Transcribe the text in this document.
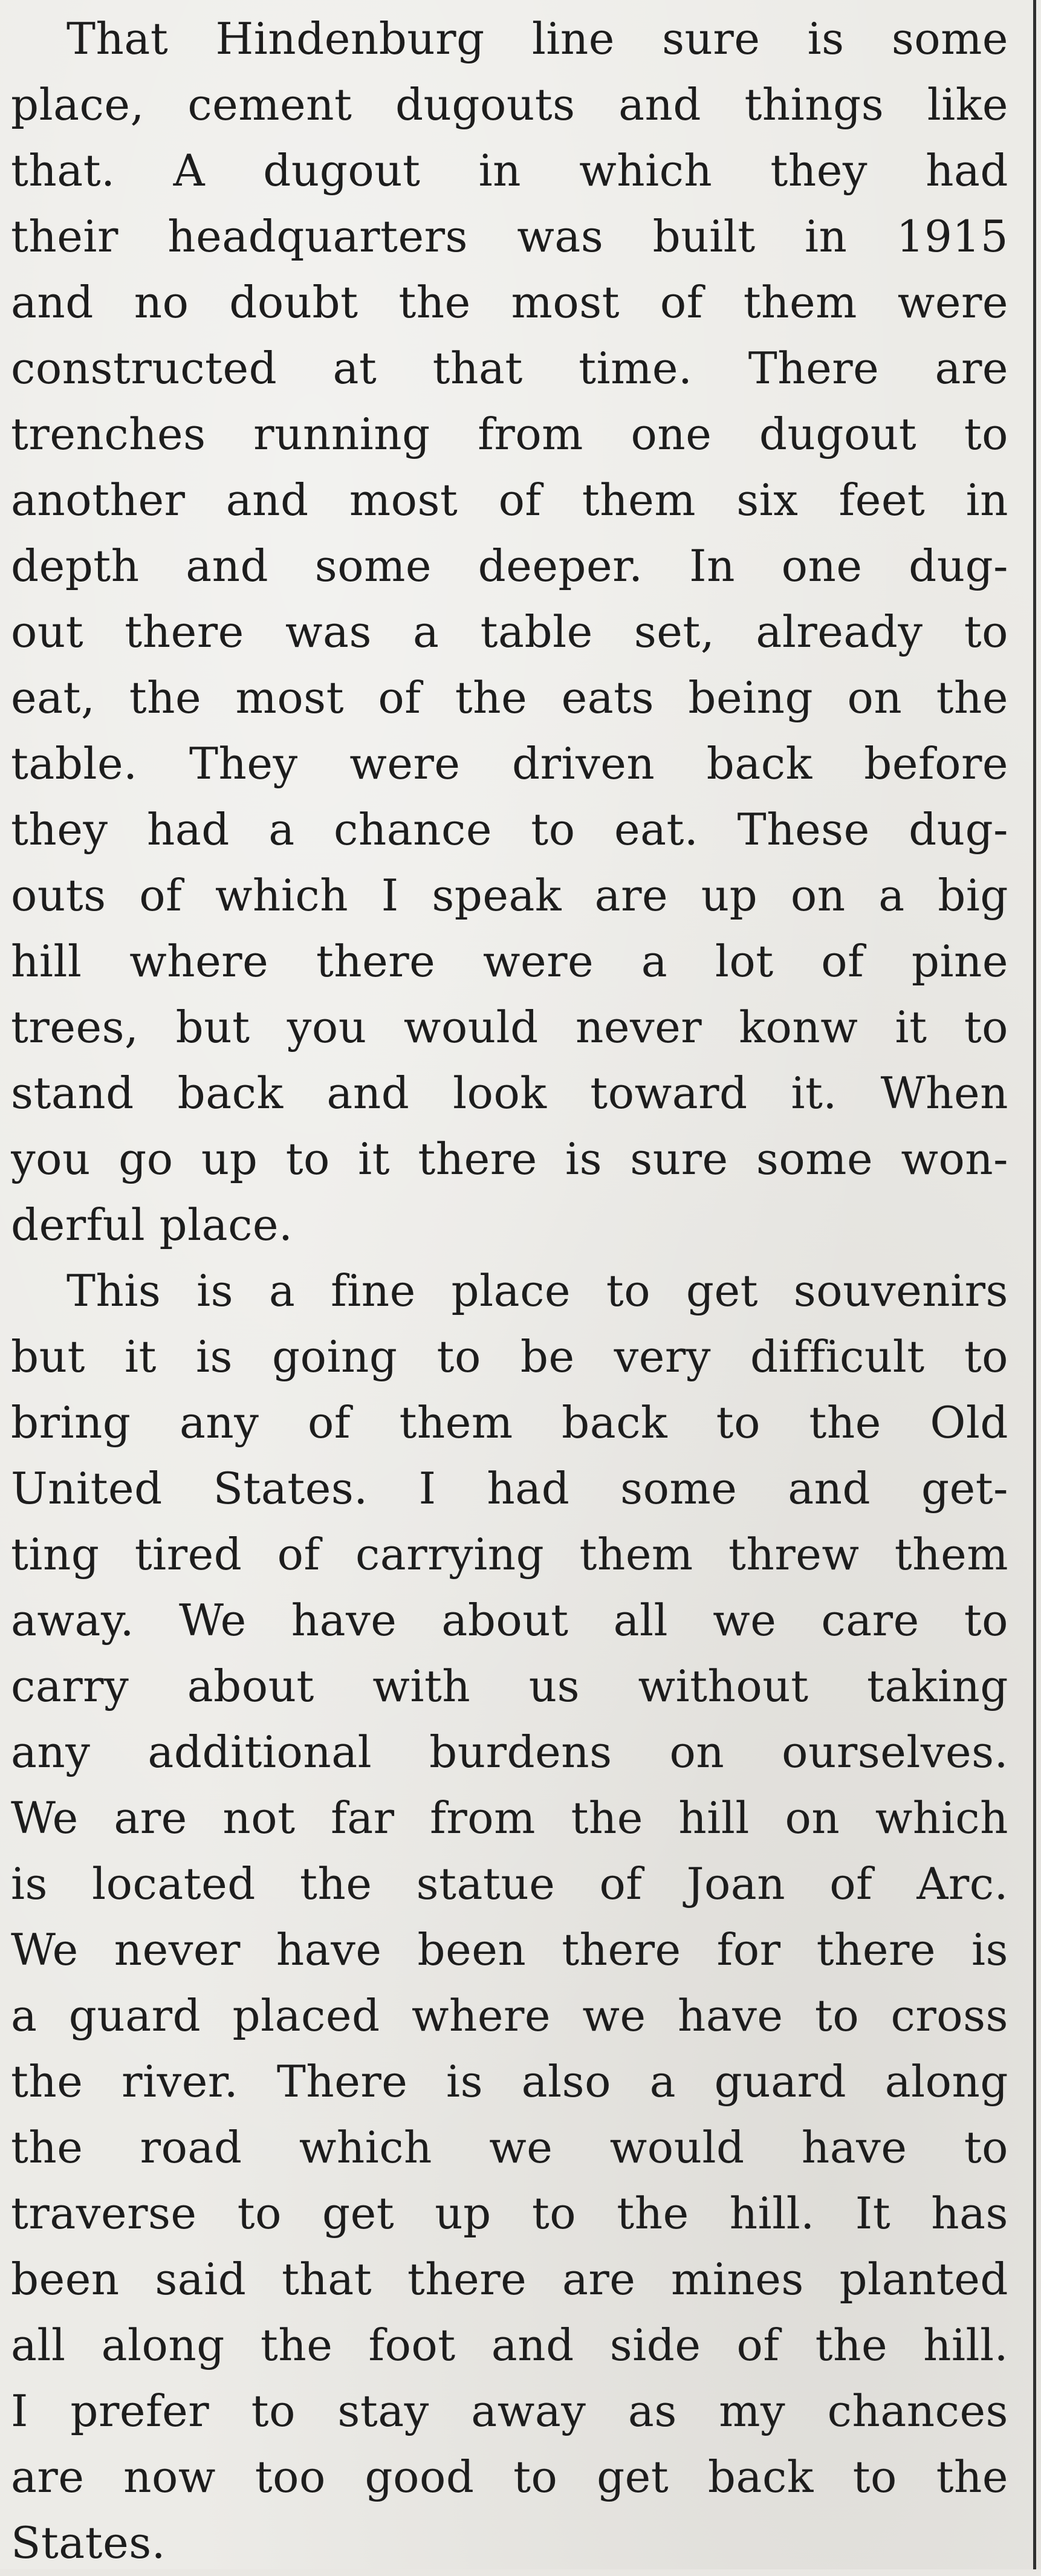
That Hindenburg line sure is some
place, cement dugouts and things like
that. A dugout in which they had
their headquarters was built in 1915
and no doubt the most of them were
constructed at that time. There are
trenches running from one dugout to
another and most of them six feet in
depth and some deeper. In one dug-
out there was a table set, already to
eat, the most of the eats being on the
table. They were driven back before
they had a chance to eat. These dug-
outs of which I speak are up on a big
hill where there were a lot of pine
trees, but you would never konw it to
stand back and look toward it. When
you go up to it there is sure some won-
derful place.
This is a fine place to get souvenirs
but it is going to be very difficult to
bring any of them back to the Old
United States. I had some and get-
ting tired of carrying them threw them
away. We have about all we care to
carry about with us without taking
any additional burdens on ourselves.
We are not far from the hill on which
is located the statue of Joan of Arc.
We never have been there for there is
a guard placed where we have to cross
the river. There is also a guard along
the road which we would have to
traverse to get up to the hill. It has
been said that there are mines planted
all along the foot and side of the hill.
I prefer to stay away as my chances
are now too good to get back to the
States.
